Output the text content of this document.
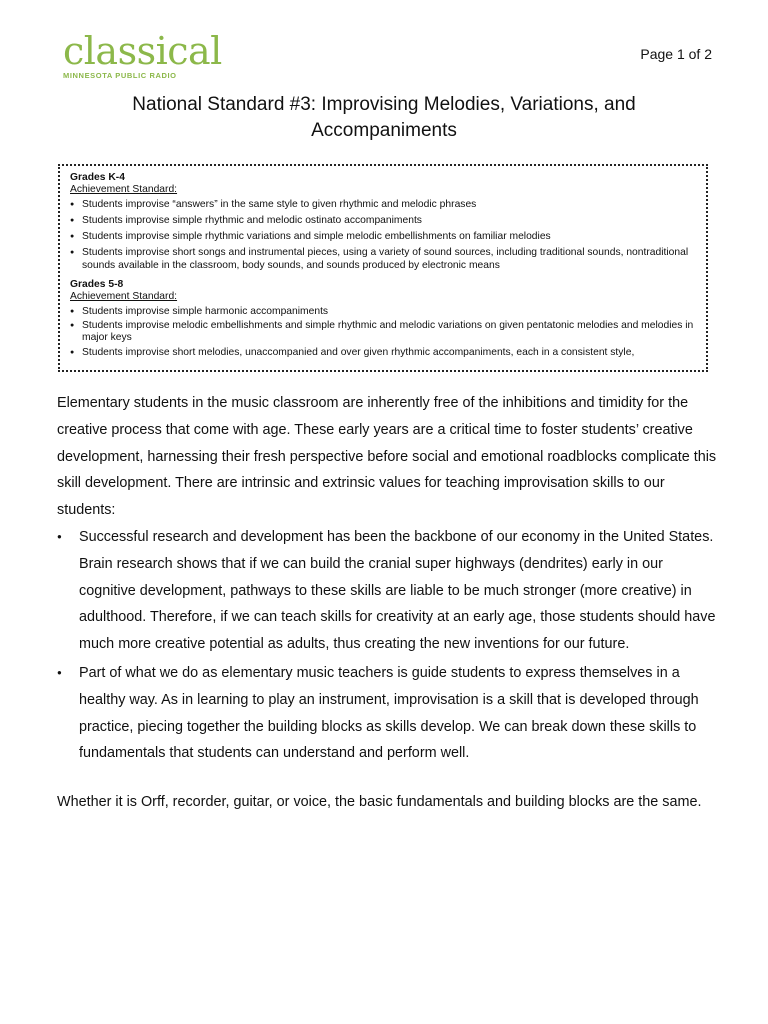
classical
MINNESOTA PUBLIC RADIO
Page 1 of 2
National Standard #3: Improvising Melodies, Variations, and Accompaniments
Grades K-4
Achievement Standard:
● Students improvise “answers” in the same style to given rhythmic and melodic phrases
● Students improvise simple rhythmic and melodic ostinato accompaniments
● Students improvise simple rhythmic variations and simple melodic embellishments on familiar melodies
● Students improvise short songs and instrumental pieces, using a variety of sound sources, including traditional sounds, nontraditional sounds available in the classroom, body sounds, and sounds produced by electronic means
Grades 5-8
Achievement Standard:
● Students improvise simple harmonic accompaniments
● Students improvise melodic embellishments and simple rhythmic and melodic variations on given pentatonic melodies and melodies in major keys
● Students improvise short melodies, unaccompanied and over given rhythmic accompaniments, each in a consistent style,

Elementary students in the music classroom are inherently free of the inhibitions and timidity for the creative process that come with age. These early years are a critical time to foster students’ creative development, harnessing their fresh perspective before social and emotional roadblocks complicate this skill development. There are intrinsic and extrinsic values for teaching improvisation skills to our students:

● Successful research and development has been the backbone of our economy in the United States. Brain research shows that if we can build the cranial super highways (dendrites) early in our cognitive development, pathways to these skills are liable to be much stronger (more creative) in adulthood. Therefore, if we can teach skills for creativity at an early age, those students should have much more creative potential as adults, thus creating the new inventions for our future.
● Part of what we do as elementary music teachers is guide students to express themselves in a healthy way. As in learning to play an instrument, improvisation is a skill that is developed through practice, piecing together the building blocks as skills develop. We can break down these skills to fundamentals that students can understand and perform well.

Whether it is Orff, recorder, guitar, or voice, the basic fundamentals and building blocks are the same.
